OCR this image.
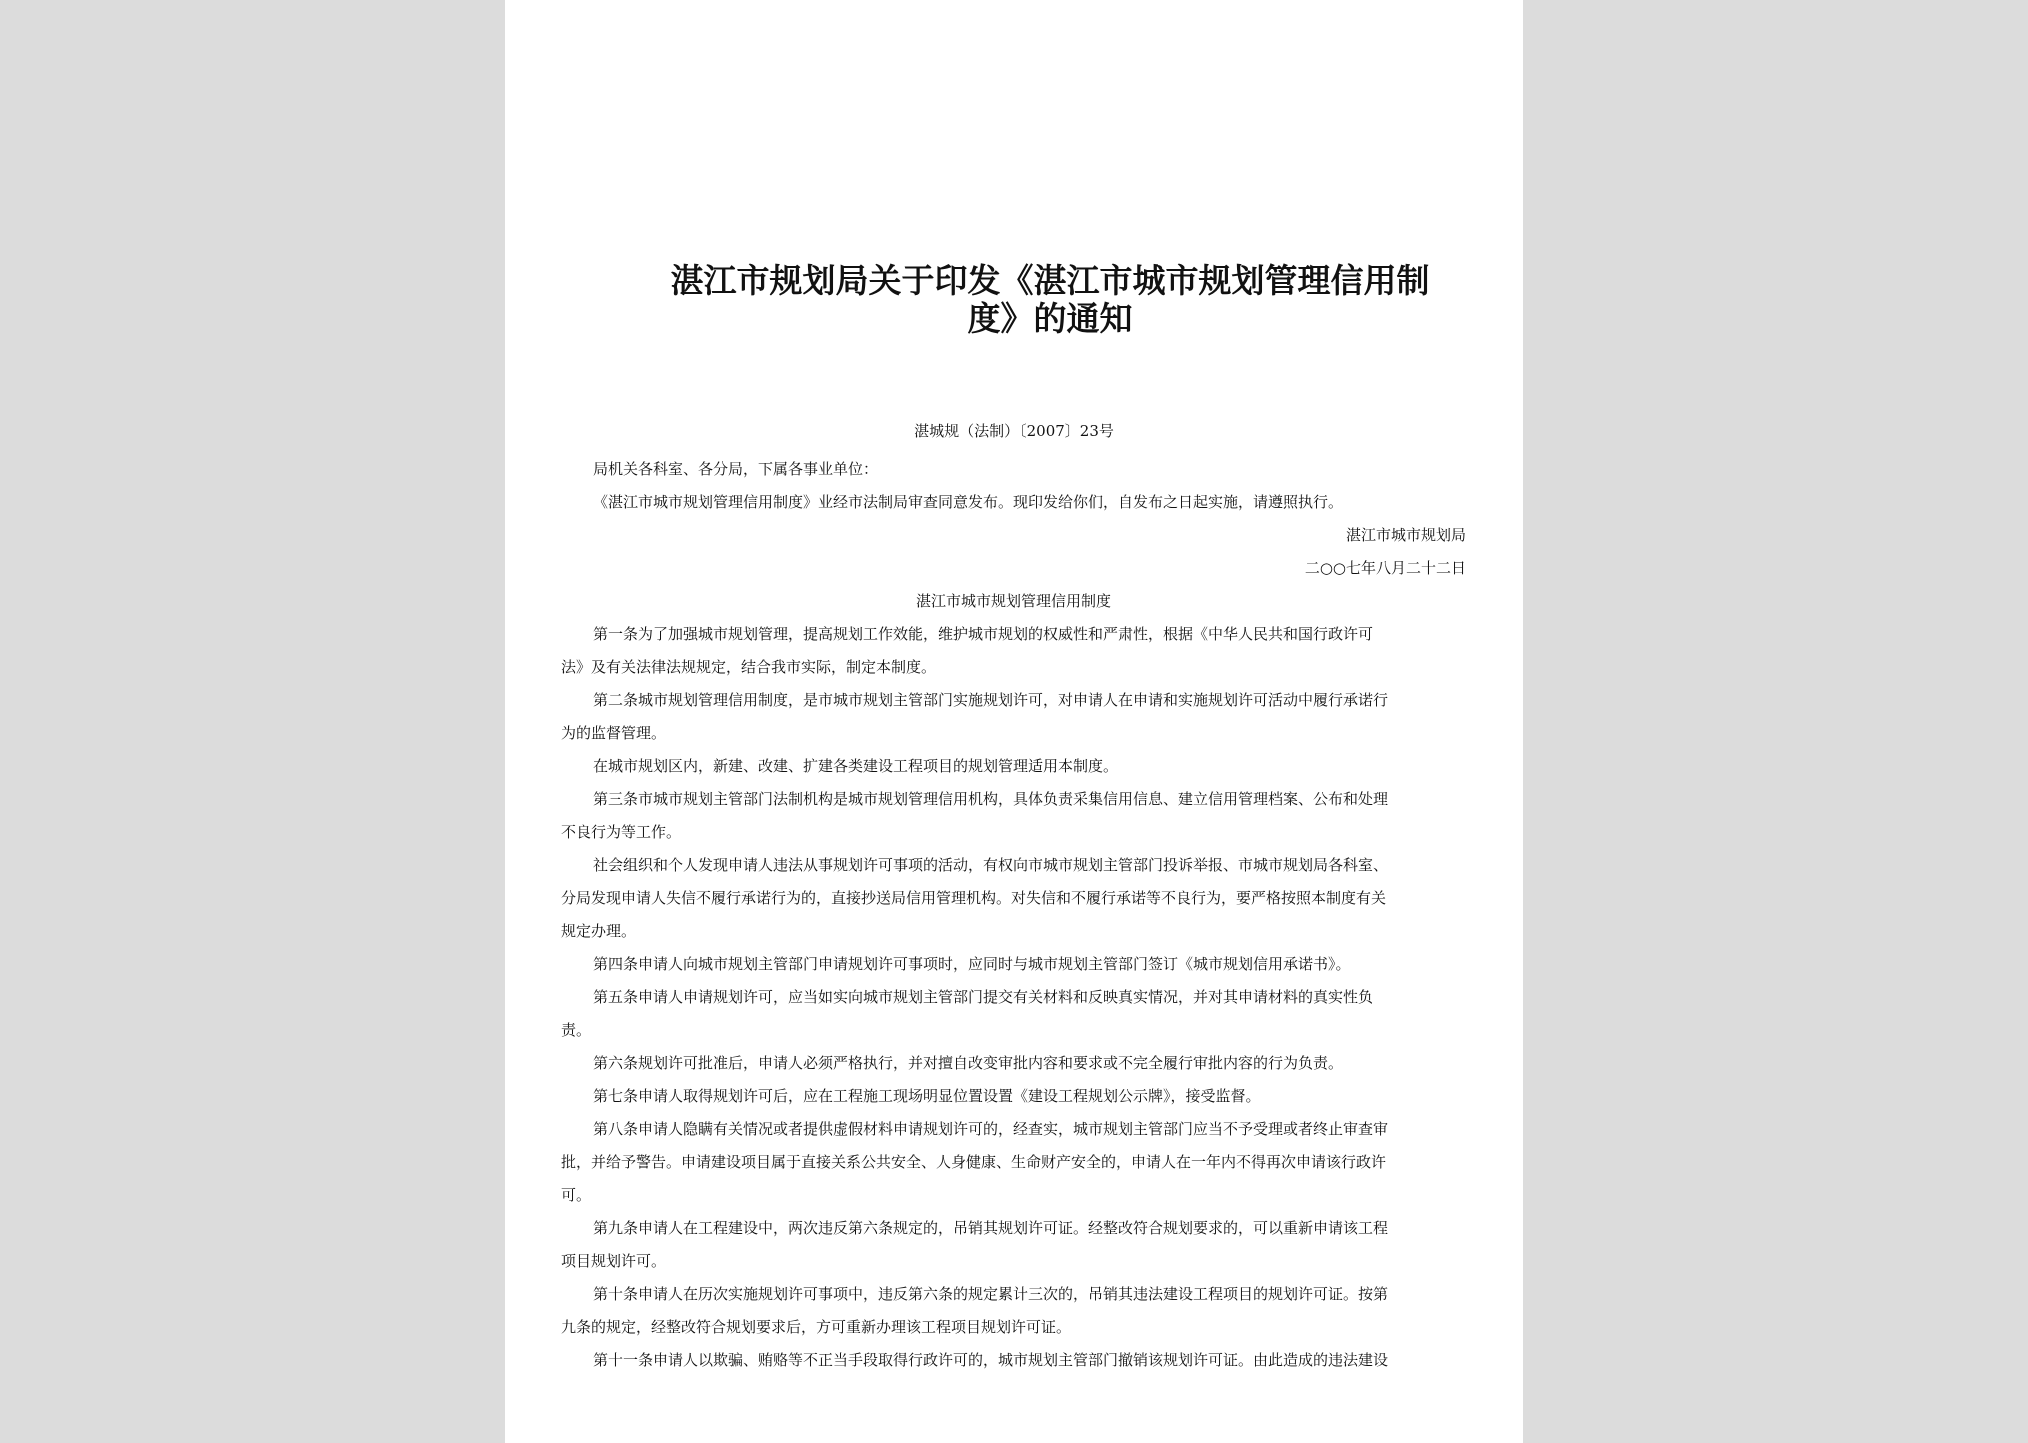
湛江市规划局关于印发《湛江市城市规划管理信用制
度》的通知
湛城规（法制）〔2007〕23号
局机关各科室、各分局，下属各事业单位：
《湛江市城市规划管理信用制度》业经市法制局审查同意发布。现印发给你们，自发布之日起实施，请遵照执行。
湛江市城市规划局
二○○七年八月二十二日
湛江市城市规划管理信用制度
第一条为了加强城市规划管理，提高规划工作效能，维护城市规划的权威性和严肃性，根据《中华人民共和国行政许可
法》及有关法律法规规定，结合我市实际，制定本制度。
第二条城市规划管理信用制度，是市城市规划主管部门实施规划许可，对申请人在申请和实施规划许可活动中履行承诺行
为的监督管理。
在城市规划区内，新建、改建、扩建各类建设工程项目的规划管理适用本制度。
第三条市城市规划主管部门法制机构是城市规划管理信用机构，具体负责采集信用信息、建立信用管理档案、公布和处理
不良行为等工作。
社会组织和个人发现申请人违法从事规划许可事项的活动，有权向市城市规划主管部门投诉举报、市城市规划局各科室、
分局发现申请人失信不履行承诺行为的，直接抄送局信用管理机构。对失信和不履行承诺等不良行为，要严格按照本制度有关
规定办理。
第四条申请人向城市规划主管部门申请规划许可事项时，应同时与城市规划主管部门签订《城市规划信用承诺书》。
第五条申请人申请规划许可，应当如实向城市规划主管部门提交有关材料和反映真实情况，并对其申请材料的真实性负
责。
第六条规划许可批准后，申请人必须严格执行，并对擅自改变审批内容和要求或不完全履行审批内容的行为负责。
第七条申请人取得规划许可后，应在工程施工现场明显位置设置《建设工程规划公示牌》，接受监督。
第八条申请人隐瞒有关情况或者提供虚假材料申请规划许可的，经查实，城市规划主管部门应当不予受理或者终止审查审
批，并给予警告。申请建设项目属于直接关系公共安全、人身健康、生命财产安全的，申请人在一年内不得再次申请该行政许
可。
第九条申请人在工程建设中，两次违反第六条规定的，吊销其规划许可证。经整改符合规划要求的，可以重新申请该工程
项目规划许可。
第十条申请人在历次实施规划许可事项中，违反第六条的规定累计三次的，吊销其违法建设工程项目的规划许可证。按第
九条的规定，经整改符合规划要求后，方可重新办理该工程项目规划许可证。
第十一条申请人以欺骗、贿赂等不正当手段取得行政许可的，城市规划主管部门撤销该规划许可证。由此造成的违法建设
